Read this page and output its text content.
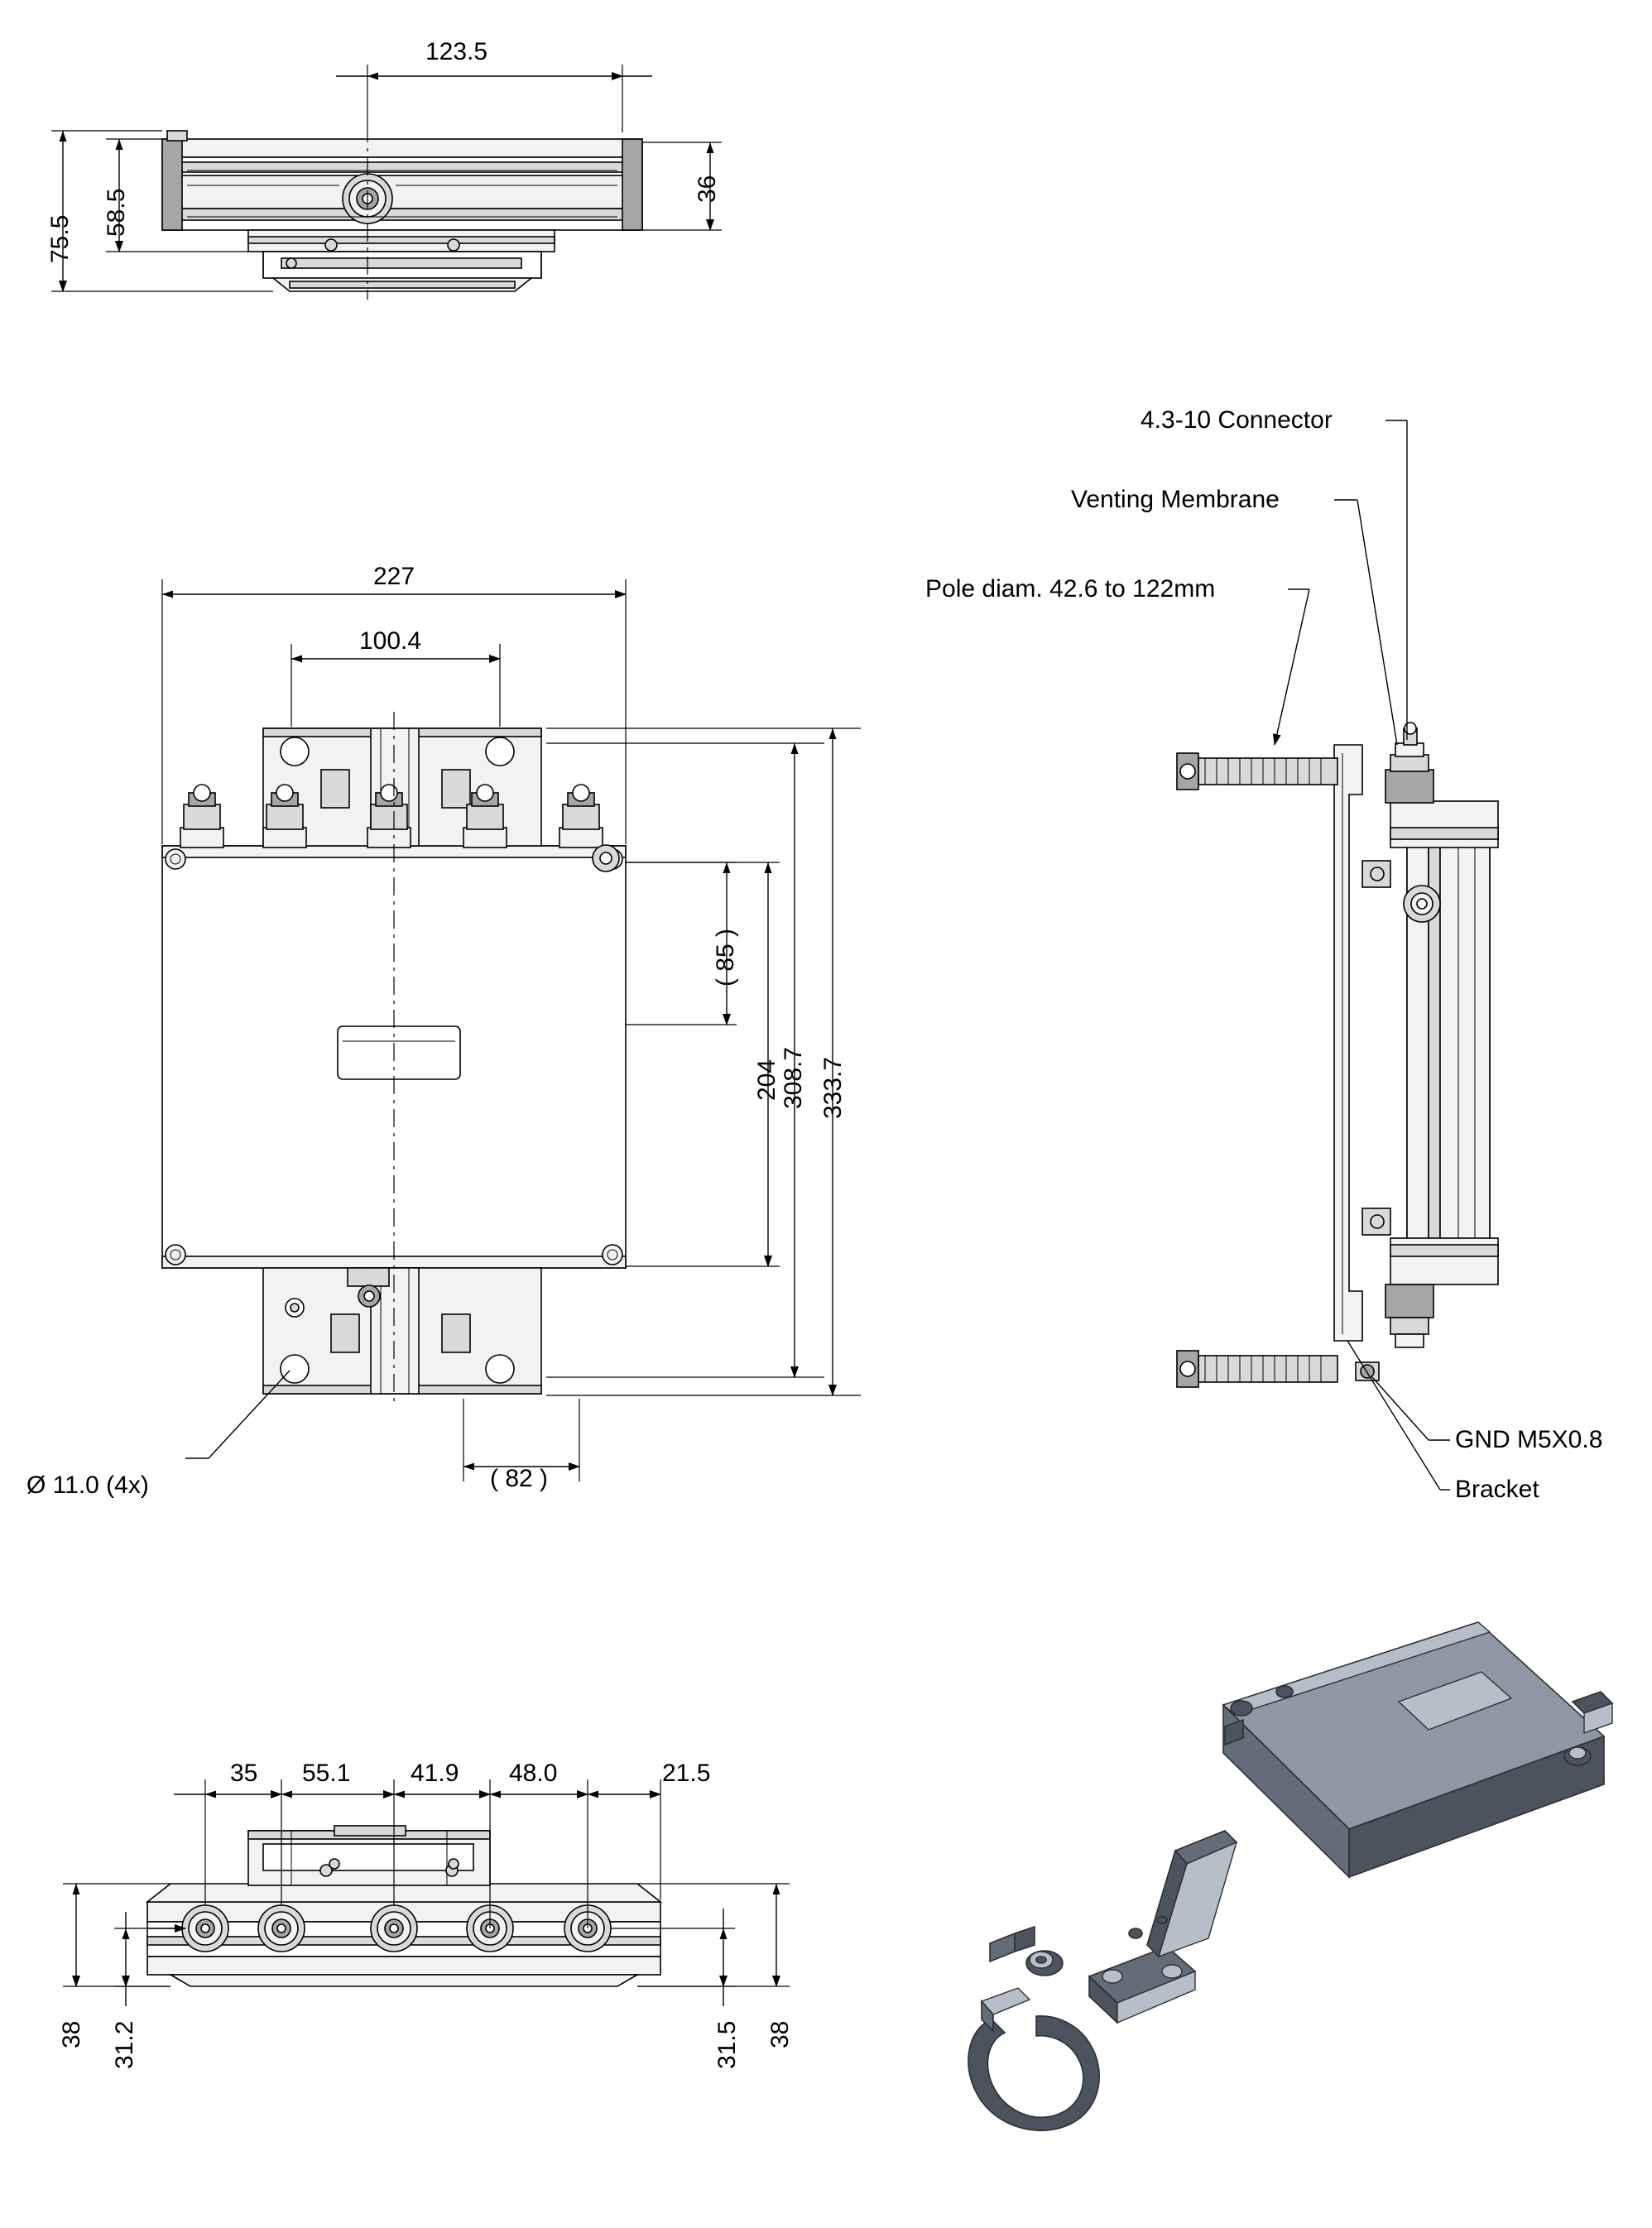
123.5
36
58.5
75.5
227
100.4
( 85 )
204 308.7 333.7
( 82 )
Ø 11.0 (4x)
4.3-10 Connector
Venting Membrane
Pole diam. 42.6 to 122mm
GND M5X0.8
Bracket
35 55.1 41.9 48.0	21.5
38 31.2	31.5 38
